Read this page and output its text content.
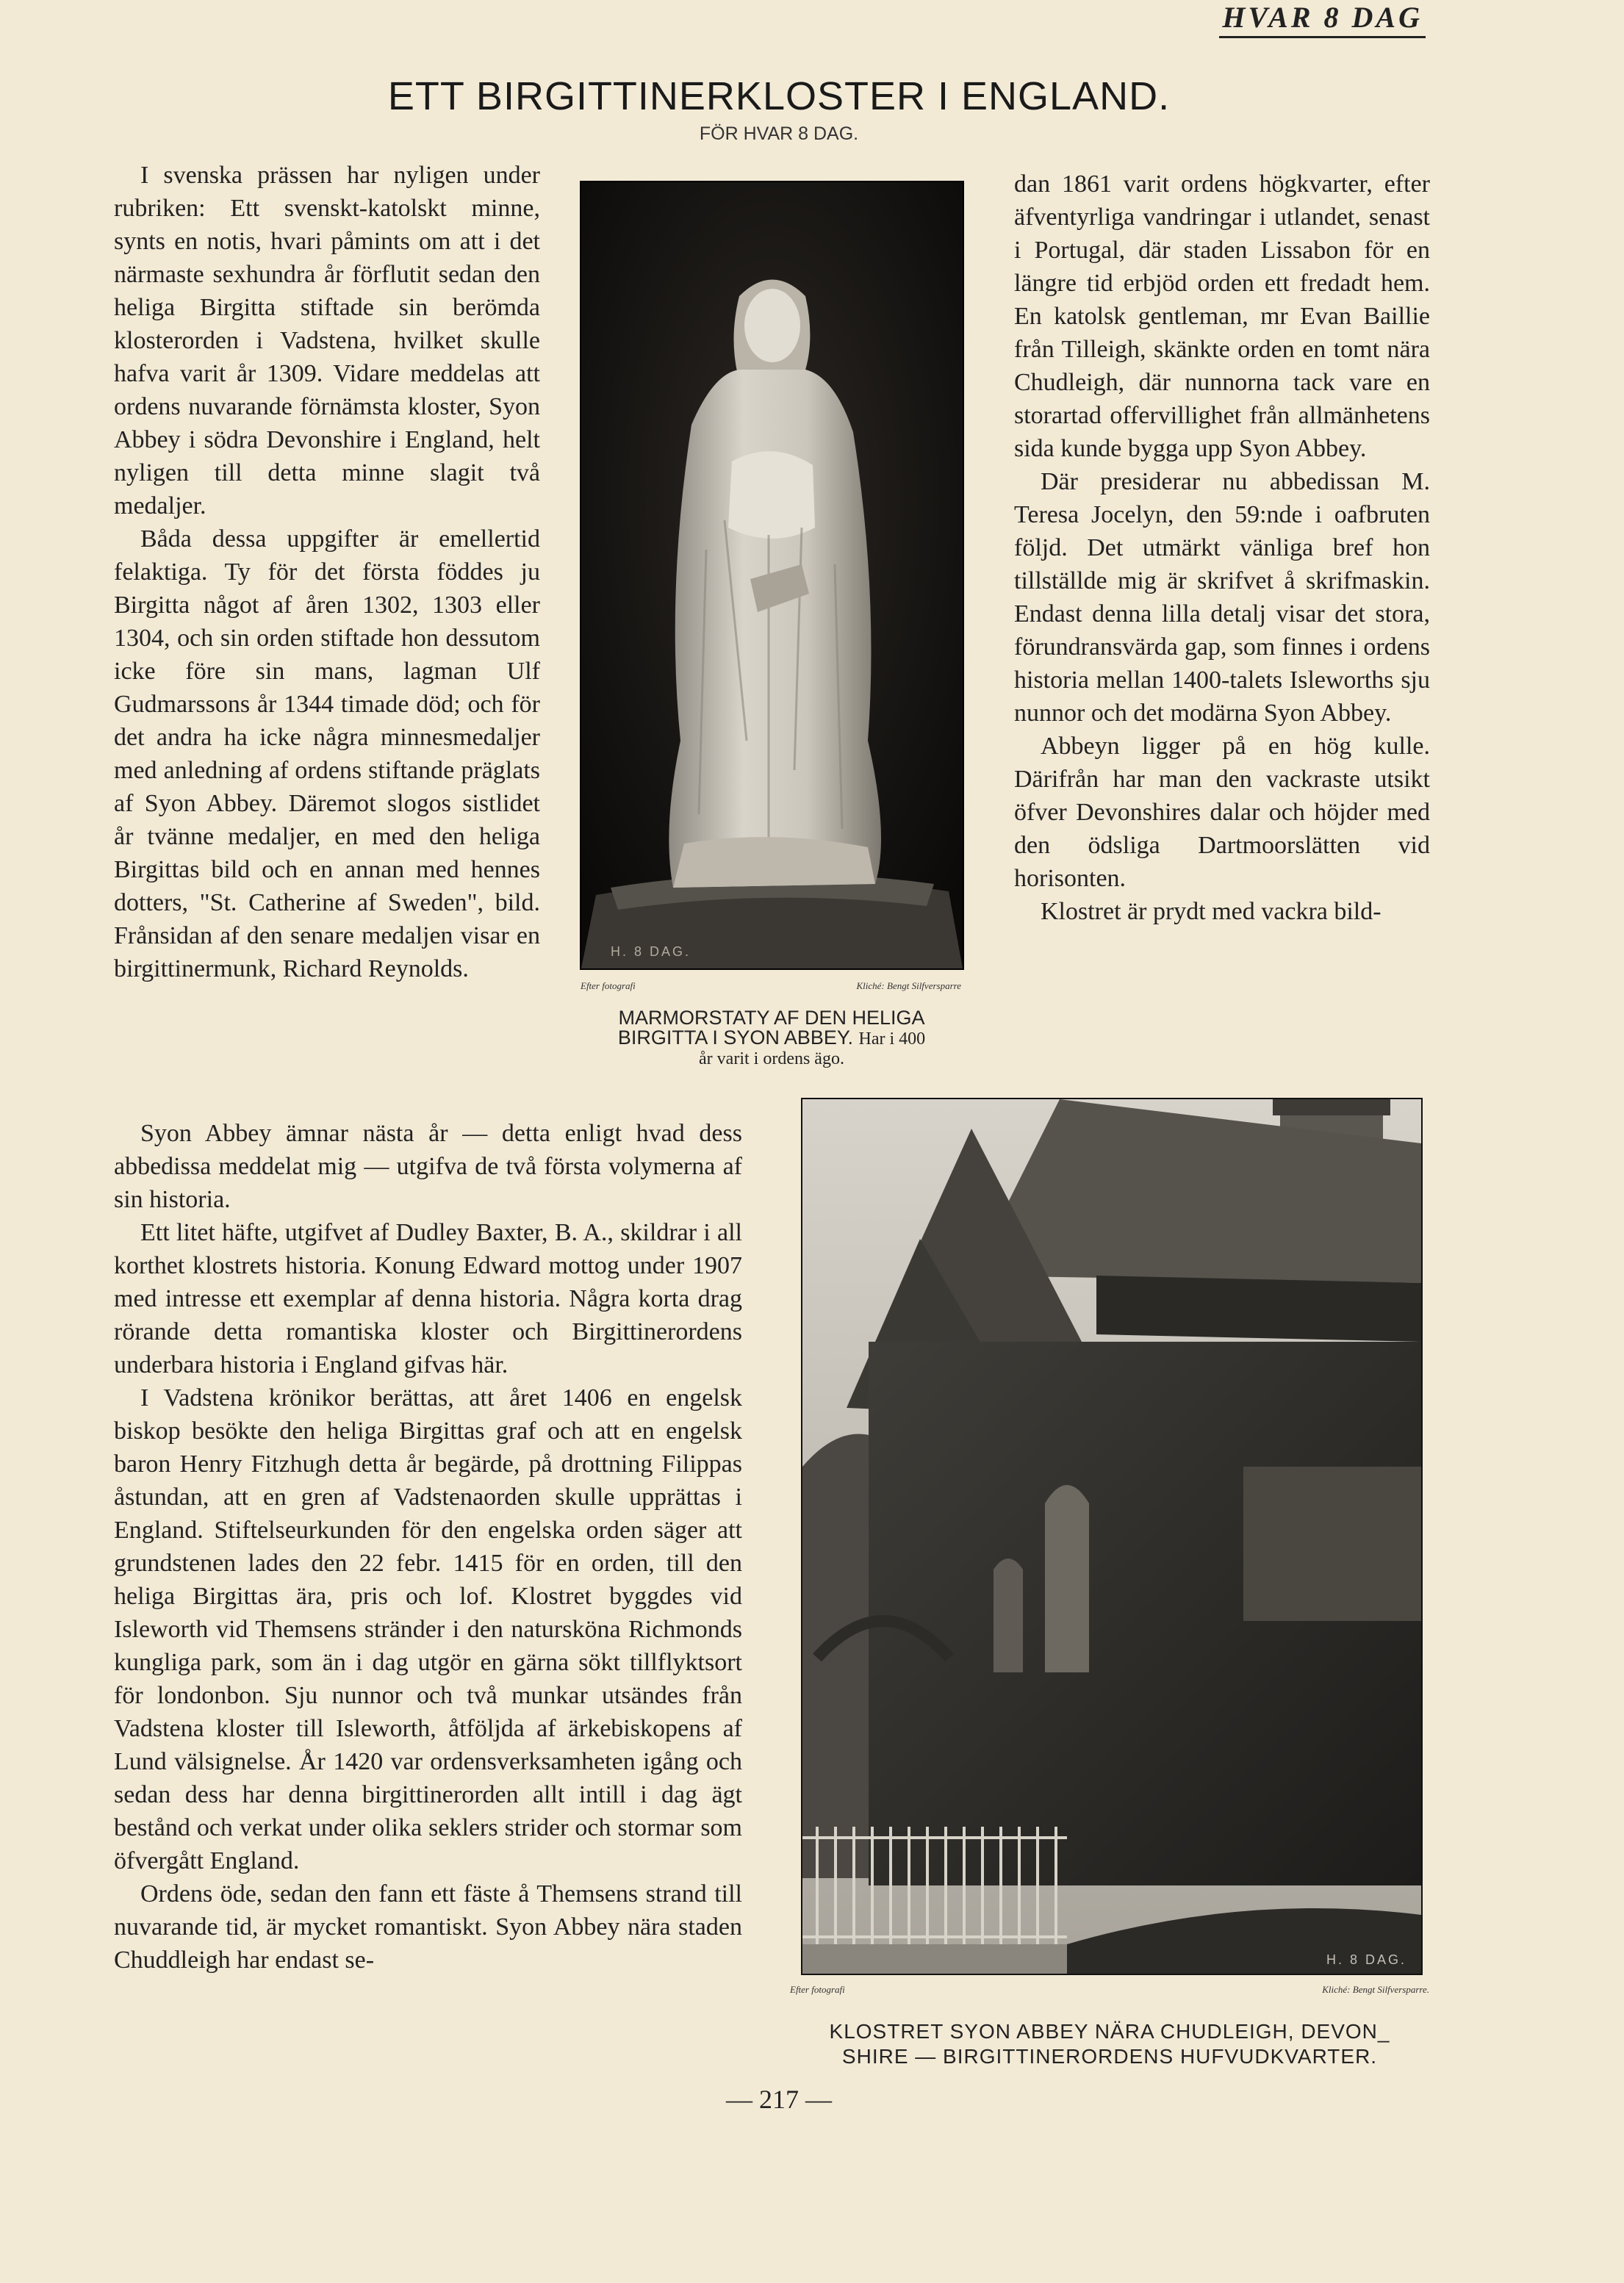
HVAR 8 DAG
ETT BIRGITTINERKLOSTER I ENGLAND.
FÖR HVAR 8 DAG.

I svenska prässen har nyligen under rubriken: Ett svenskt-katolskt minne, synts en notis, hvari påmints om att i det närmaste sexhundra år förflutit sedan den heliga Birgitta stiftade sin berömda klosterorden i Vadstena, hvilket skulle hafva varit år 1309. Vidare meddelas att ordens nuvarande förnämsta kloster, Syon Abbey i södra Devonshire i England, helt nyligen till detta minne slagit två medaljer.

Båda dessa uppgifter är emellertid felaktiga. Ty för det första föddes ju Birgitta något af åren 1302, 1303 eller 1304, och sin orden stiftade hon dessutom icke före sin mans, lagman Ulf Gudmarssons år 1344 timade död; och för det andra ha icke några minnesmedaljer med anledning af ordens stiftande präglats af Syon Abbey. Däremot slogos sistlidet år tvänne medaljer, en med den heliga Birgittas bild och en annan med hennes dotters, "St. Catherine af Sweden", bild. Frånsidan af den senare medaljen visar en birgittinermunk, Richard Reynolds.

H. 8 DAG.
Efter fotografi	Kliché: Bengt Silfversparre
MARMORSTATY AF DEN HELIGA
BIRGITTA I SYON ABBEY. Har i 400
år varit i ordens ägo.

dan 1861 varit ordens högkvarter, efter äfventyrliga vandringar i utlandet, senast i Portugal, där staden Lissabon för en längre tid erbjöd orden ett fredadt hem. En katolsk gentleman, mr Evan Baillie från Tilleigh, skänkte orden en tomt nära Chudleigh, där nunnorna tack vare en storartad offervillighet från allmänhetens sida kunde bygga upp Syon Abbey.

Där presiderar nu abbedissan M. Teresa Jocelyn, den 59:nde i oafbruten följd. Det utmärkt vänliga bref hon tillställde mig är skrifvet å skrifmaskin. Endast denna lilla detalj visar det stora, förundransvärda gap, som finnes i ordens historia mellan 1400-talets Isleworths sju nunnor och det modärna Syon Abbey.

Abbeyn ligger på en hög kulle. Därifrån har man den vackraste utsikt öfver Devonshires dalar och höjder med den ödsliga Dartmoorslätten vid horisonten.

Klostret är prydt med vackra bild-

Syon Abbey ämnar nästa år — detta enligt hvad dess abbedissa meddelat mig — utgifva de två första volymerna af sin historia.

Ett litet häfte, utgifvet af Dudley Baxter, B. A., skildrar i all korthet klostrets historia. Konung Edward mottog under 1907 med intresse ett exemplar af denna historia. Några korta drag rörande detta romantiska kloster och Birgittinerordens underbara historia i England gifvas här.

I Vadstena krönikor berättas, att året 1406 en engelsk biskop besökte den heliga Birgittas graf och att en engelsk baron Henry Fitzhugh detta år begärde, på drottning Filippas åstundan, att en gren af Vadstenaorden skulle upprättas i England. Stiftelseurkunden för den engelska orden säger att grundstenen lades den 22 febr. 1415 för en orden, till den heliga Birgittas ära, pris och lof. Klostret byggdes vid Isleworth vid Themsens stränder i den natursköna Richmonds kungliga park, som än i dag utgör en gärna sökt tillflyktsort för londonbon. Sju nunnor och två munkar utsändes från Vadstena kloster till Isleworth, åtföljda af ärkebiskopens af Lund välsignelse. År 1420 var ordensverksamheten igång och sedan dess har denna birgittinerorden allt intill i dag ägt bestånd och verkat under olika seklers strider och stormar som öfvergått England.

Ordens öde, sedan den fann ett fäste å Themsens strand till nuvarande tid, är mycket romantiskt. Syon Abbey nära staden Chuddleigh har endast se-	H. 8 DAG.
Efter fotografi	Kliché: Bengt Silfversparre.
KLOSTRET SYON ABBEY NÄRA CHUDLEIGH, DEVON_
SHIRE — BIRGITTINERORDENS HUFVUDKVARTER.
— 217 —
